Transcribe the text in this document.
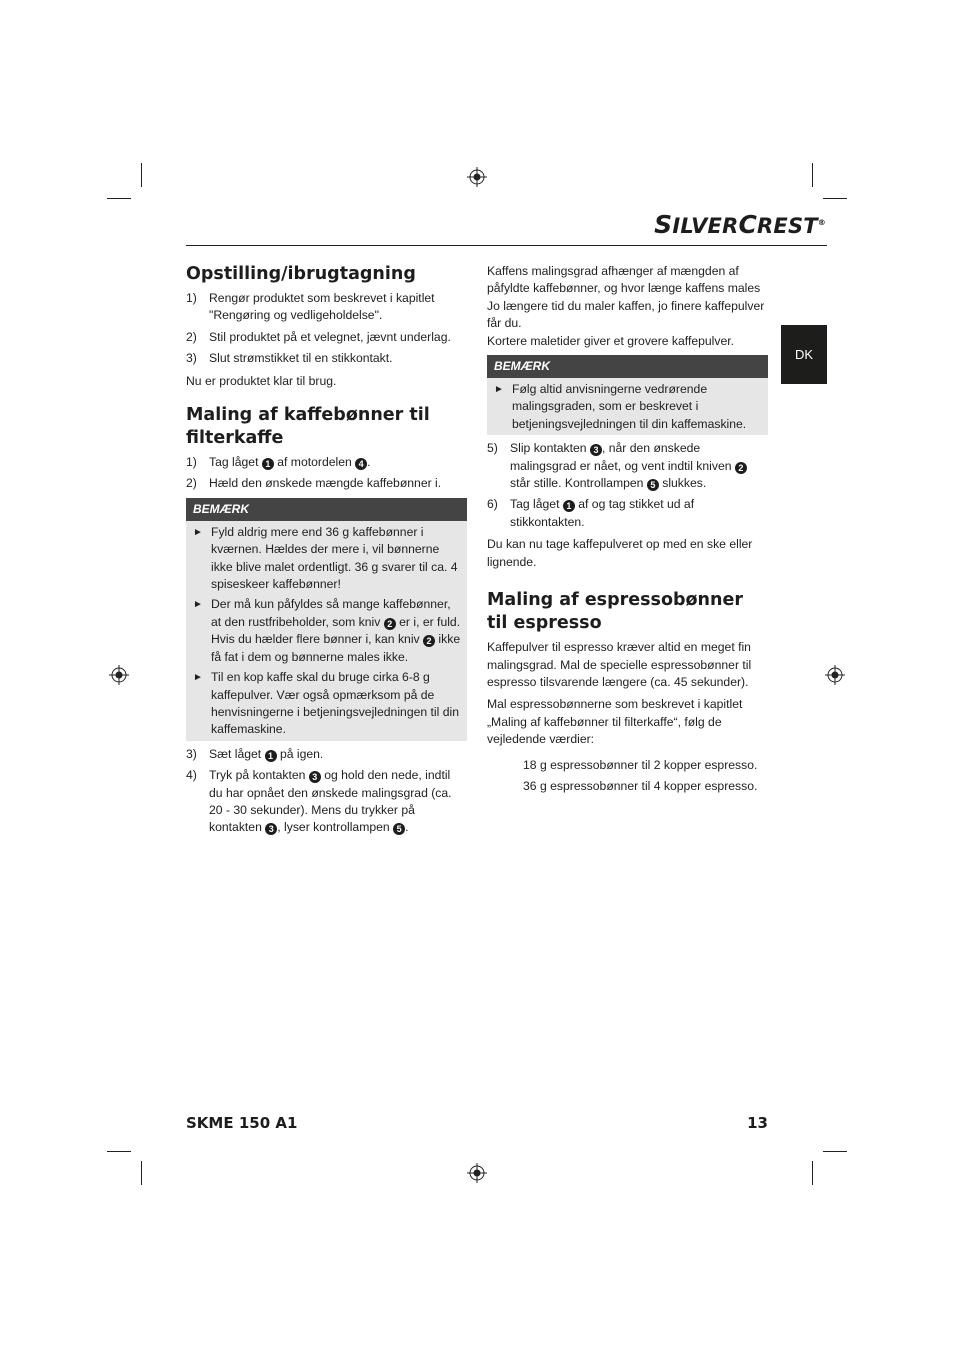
SILVERCREST®
DK
Opstilling/ibrugtagning
1) Rengør produktet som beskrevet i kapitlet "Rengøring og vedligeholdelse".
2) Stil produktet på et velegnet, jævnt underlag.
3) Slut strømstikket til en stikkontakt.

Nu er produktet klar til brug.

Maling af kaffebønner til
filterkaffe
1) Tag låget 1 af motordelen 4 .
2) Hæld den ønskede mængde kaffebønner i.
BEMÆRK
► Fyld aldrig mere end 36 g kaffebønner i kværnen. Hældes der mere i, vil bønnerne ikke blive malet ordentligt. 36 g svarer til ca. 4 spiseskeer kaffebønner!
► Der må kun påfyldes så mange kaffebønner, at den rustfribeholder, som kniv 2 er i, er fuld. Hvis du hælder flere bønner i, kan kniv 2 ikke få fat i dem og bønnerne males ikke.
► Til en kop kaffe skal du bruge cirka 6-8 g kaffepulver. Vær også opmærksom på de henvisningerne i betjeningsvejledningen til din kaffemaskine.
3) Sæt låget 1 på igen.
4) Tryk på kontakten 3 og hold den nede, indtil du har opnået den ønskede malingsgrad (ca. 20 - 30 sekunder). Mens du trykker på kontakten 3 , lyser kontrollampen 5 .

Kaffens malingsgrad afhænger af mængden af påfyldte kaffebønner, og hvor længe kaffens males Jo længere tid du maler kaffen, jo finere kaffepulver får du.

Kortere maletider giver et grovere kaffepulver.

BEMÆRK
► Følg altid anvisningerne vedrørende malingsgraden, som er beskrevet i betjeningsvejledningen til din kaffemaskine.
5) Slip kontakten 3 , når den ønskede malingsgrad er nået, og vent indtil kniven 2 står stille. Kontrollampen 5 slukkes.
6) Tag låget 1 af og tag stikket ud af stikkontakten.

Du kan nu tage kaffepulveret op med en ske eller lignende.

Maling af espressobønner
til espresso

Kaffepulver til espresso kræver altid en meget fin malingsgrad. Mal de specielle espressobønner til espresso tilsvarende længere (ca. 45 sekunder).

Mal espressobønnerne som beskrevet i kapitlet „Maling af kaffebønner til filterkaffe“, følg de vejledende værdier:

18 g espressobønner til 2 kopper espresso.
36 g espressobønner til 4 kopper espresso.
SKME 150 A1	13
